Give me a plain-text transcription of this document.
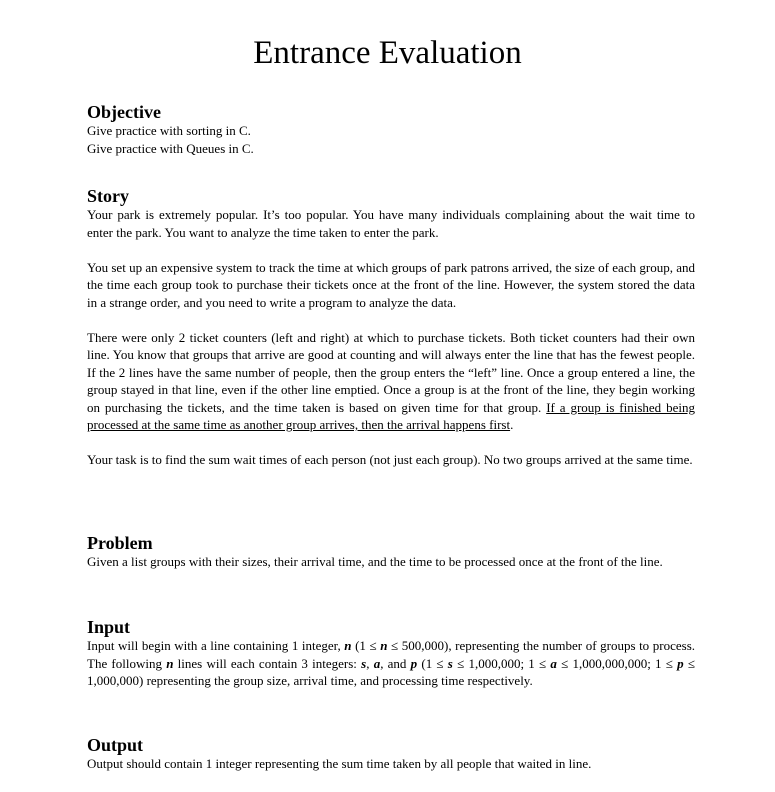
Entrance Evaluation
Objective
Give practice with sorting in C.
Give practice with Queues in C.
Story

Your park is extremely popular. It’s too popular. You have many individuals complaining about the wait time to enter the park. You want to analyze the time taken to enter the park.

You set up an expensive system to track the time at which groups of park patrons arrived, the size of each group, and the time each group took to purchase their tickets once at the front of the line. However, the system stored the data in a strange order, and you need to write a program to analyze the data.

There were only 2 ticket counters (left and right) at which to purchase tickets. Both ticket counters had their own line. You know that groups that arrive are good at counting and will always enter the line that has the fewest people. If the 2 lines have the same number of people, then the group enters the “left” line. Once a group entered a line, the group stayed in that line, even if the other line emptied. Once a group is at the front of the line, they begin working on purchasing the tickets, and the time taken is based on given time for that group. If a group is finished being processed at the same time as another group arrives, then the arrival happens first.

Your task is to find the sum wait times of each person (not just each group). No two groups arrived at the same time.

Problem

Given a list groups with their sizes, their arrival time, and the time to be processed once at the front of the line.

Input

Input will begin with a line containing 1 integer, n (1 ≤ n ≤ 500,000), representing the number of groups to process. The following n lines will each contain 3 integers: s, a, and p (1 ≤ s ≤ 1,000,000; 1 ≤ a ≤ 1,000,000,000; 1 ≤ p ≤ 1,000,000) representing the group size, arrival time, and processing time respectively.

Output

Output should contain 1 integer representing the sum time taken by all people that waited in line.
